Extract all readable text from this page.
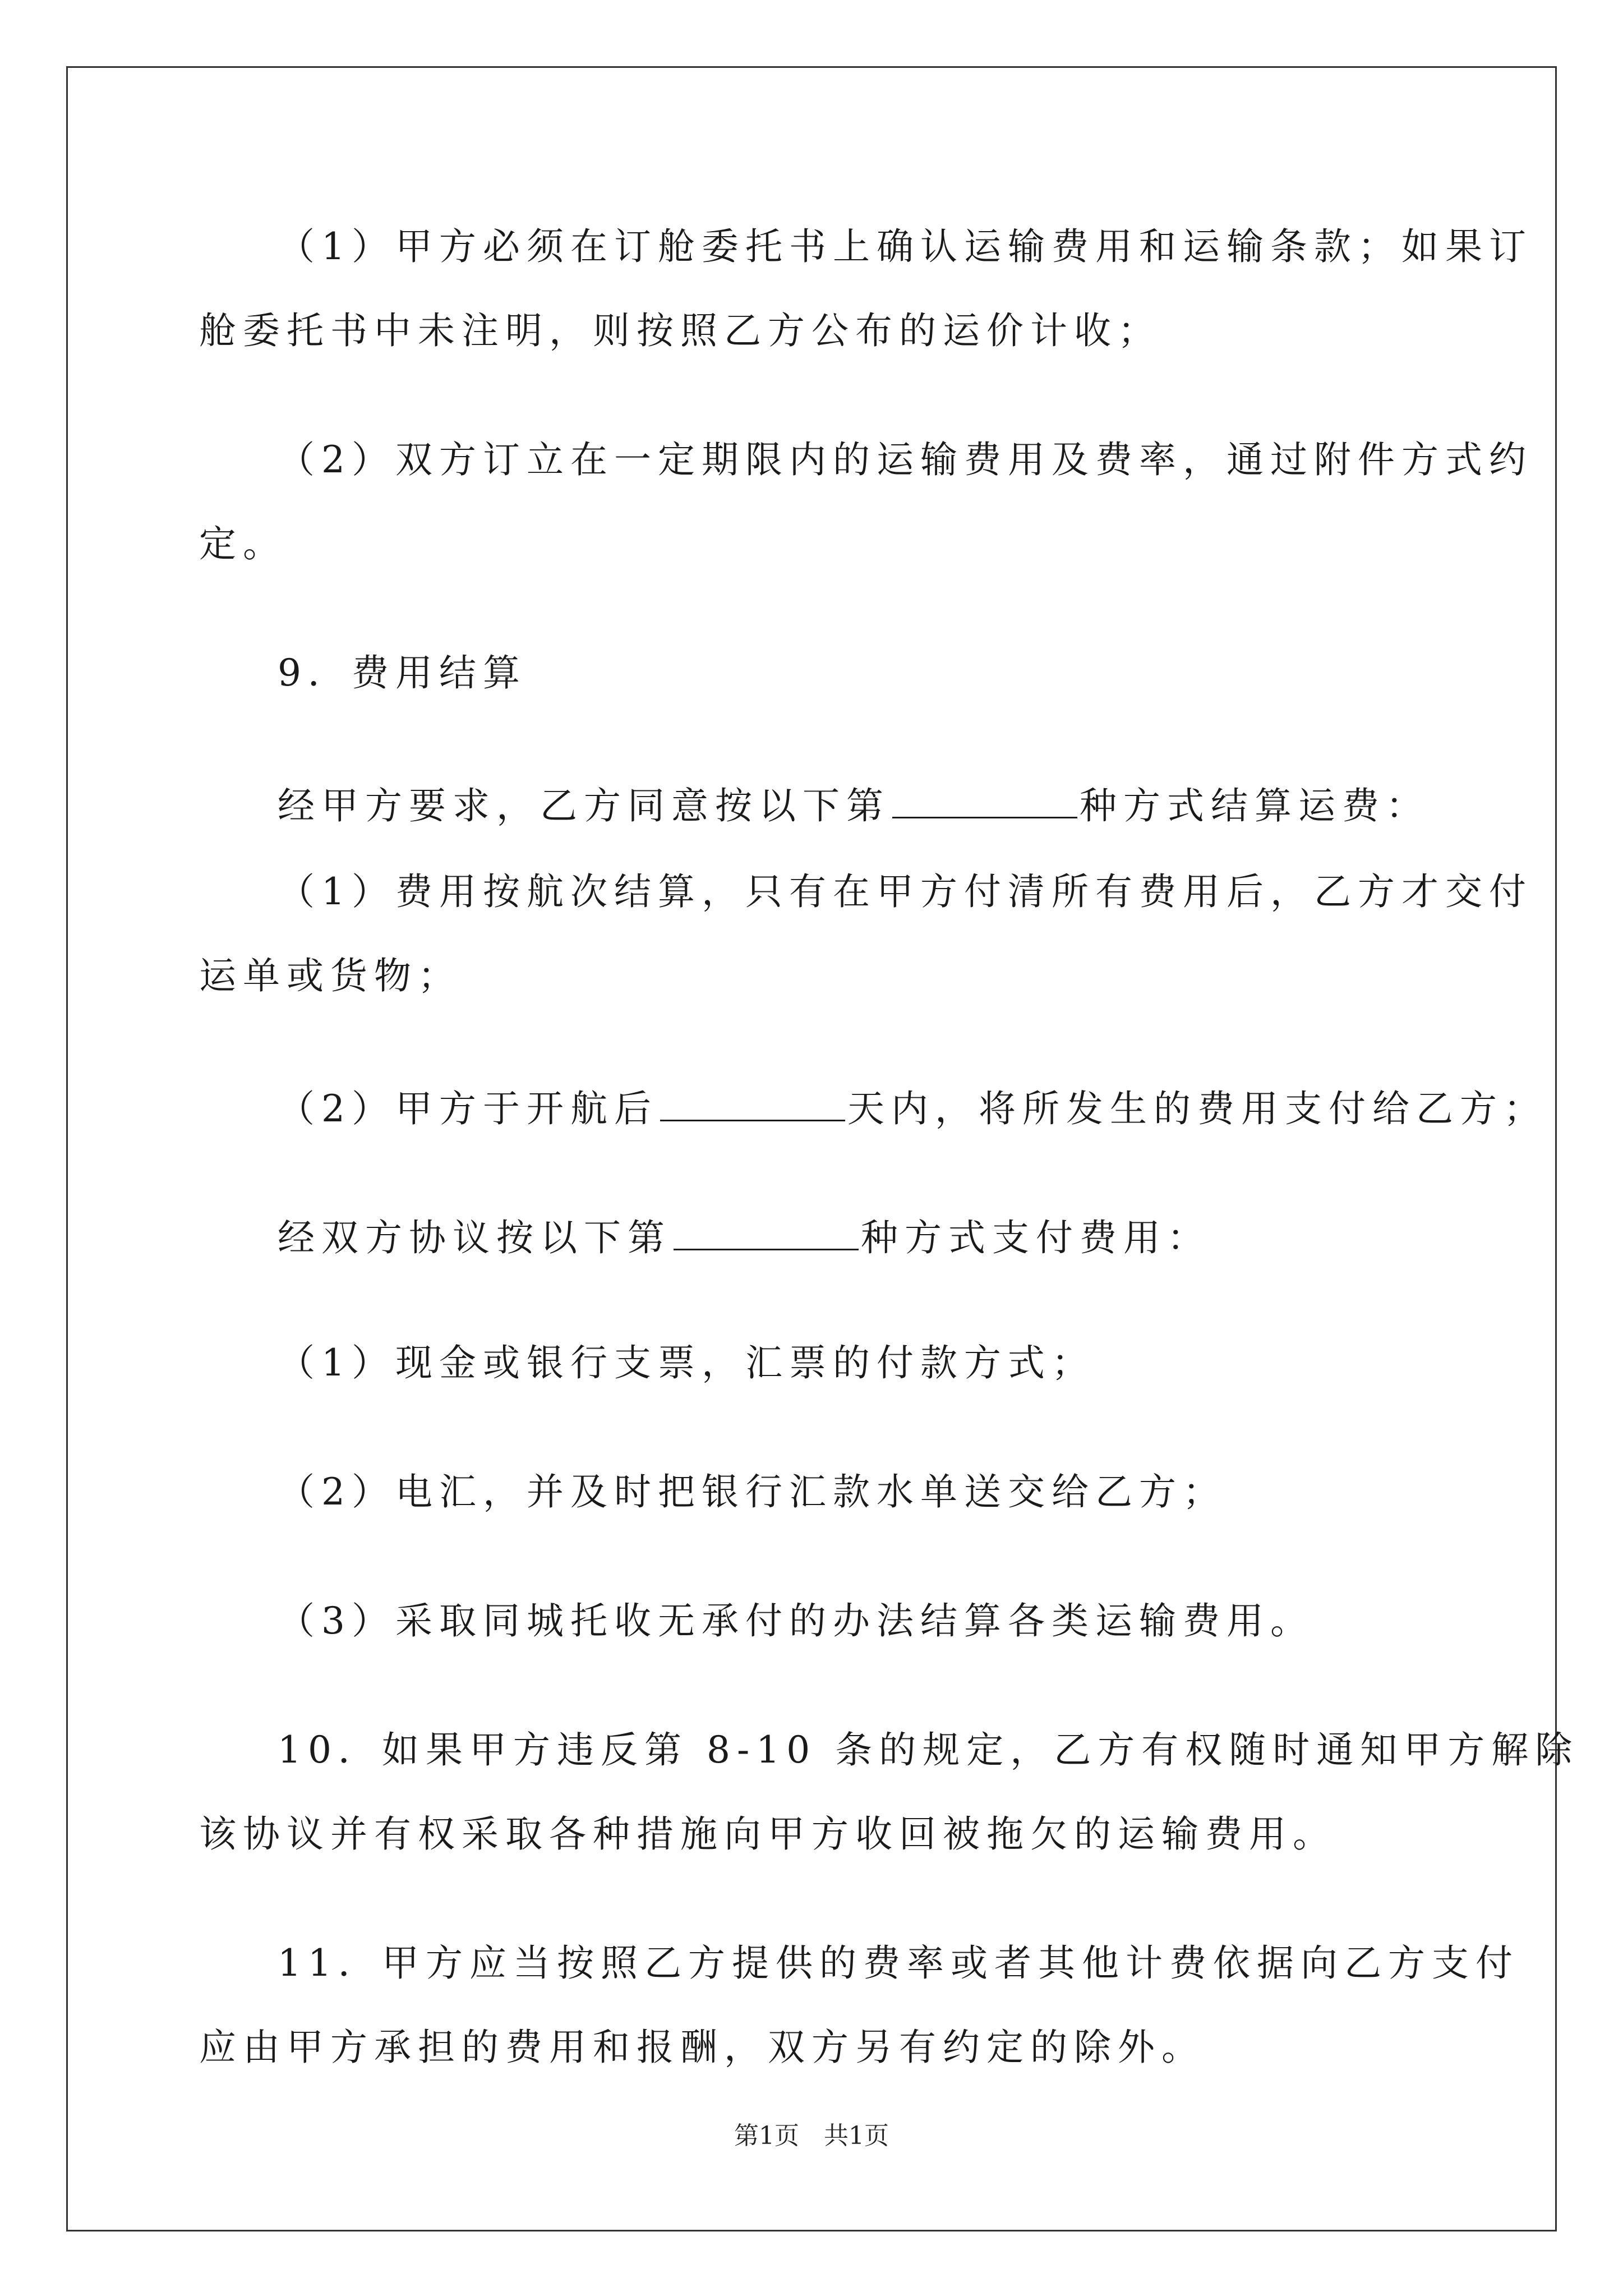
（1）甲方必须在订舱委托书上确认运输费用和运输条款；如果订
舱委托书中未注明，则按照乙方公布的运价计收；
（2）双方订立在一定期限内的运输费用及费率，通过附件方式约
定。
9．费用结算
经甲方要求，乙方同意按以下第	种方式结算运费：
（1）费用按航次结算，只有在甲方付清所有费用后，乙方才交付
运单或货物；
（2）甲方于开航后	天内，将所发生的费用支付给乙方；
经双方协议按以下第	种方式支付费用：
（1）现金或银行支票，汇票的付款方式；
（2）电汇，并及时把银行汇款水单送交给乙方；
（3）采取同城托收无承付的办法结算各类运输费用。
10．如果甲方违反第 8-10 条的规定，乙方有权随时通知甲方解除
该协议并有权采取各种措施向甲方收回被拖欠的运输费用。
11．甲方应当按照乙方提供的费率或者其他计费依据向乙方支付
应由甲方承担的费用和报酬，双方另有约定的除外。
第1页　共1页
